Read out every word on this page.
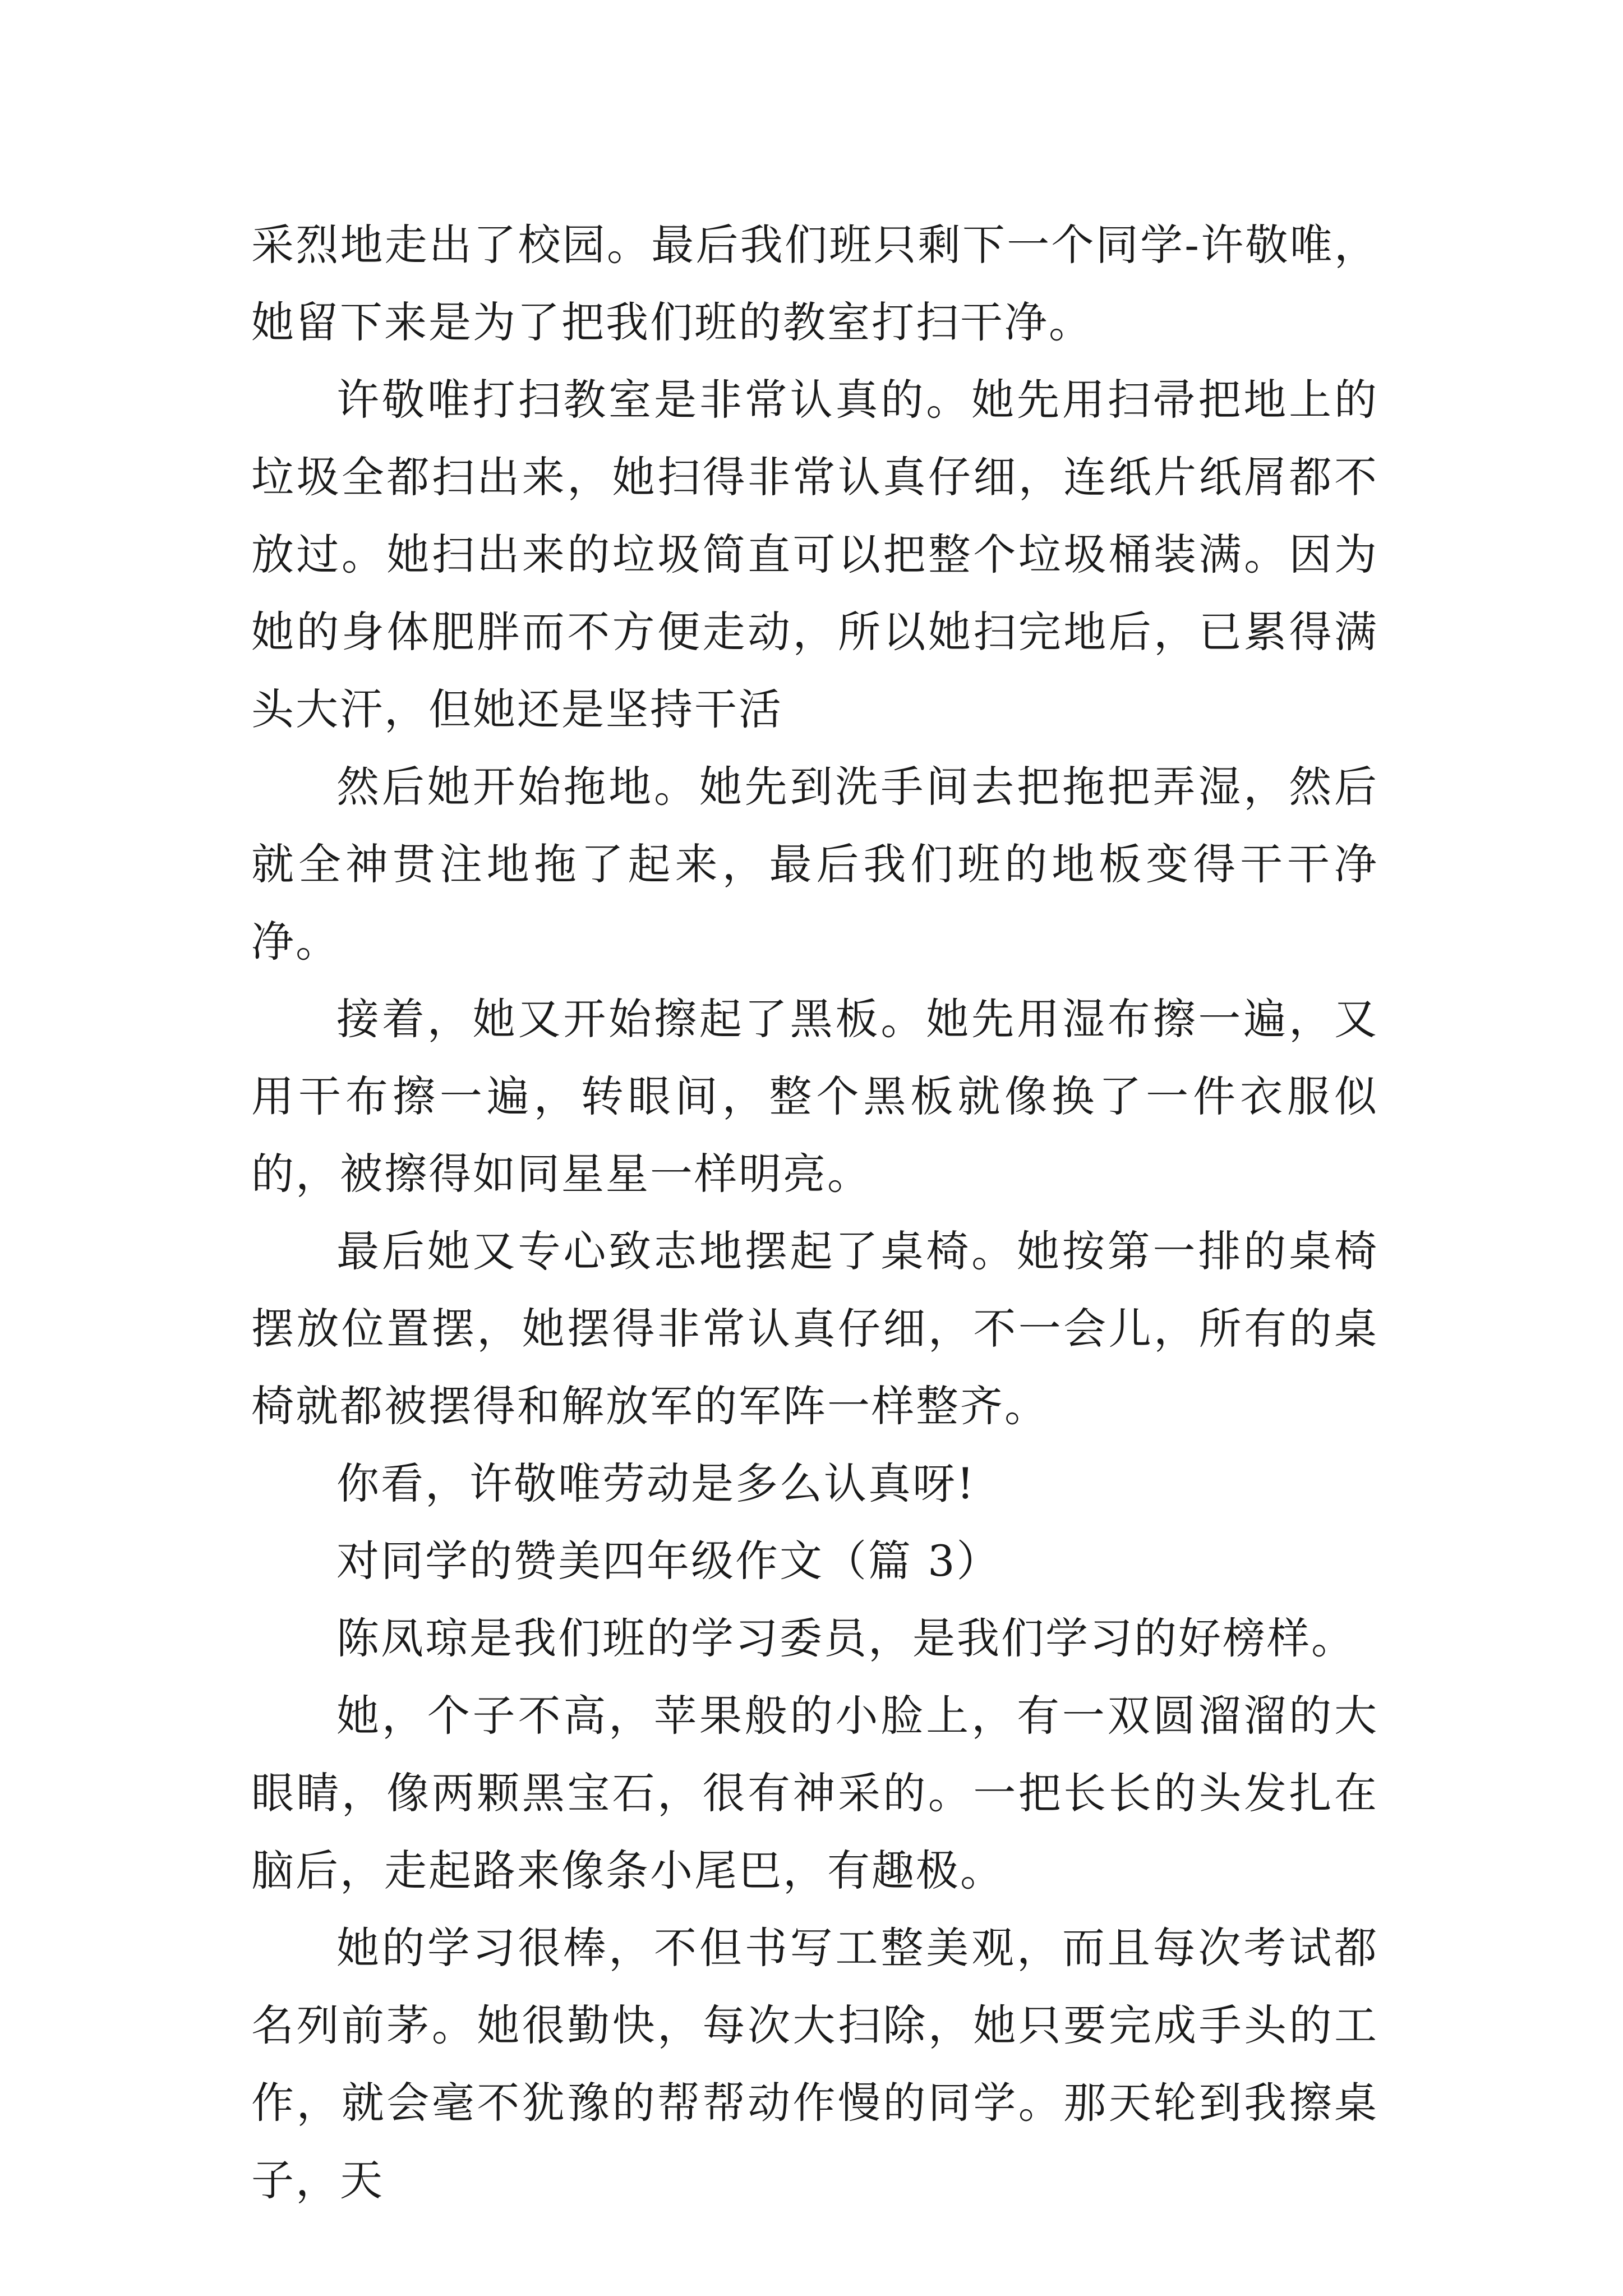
采烈地走出了校园。最后我们班只剩下一个同学-许敬唯，她留下来是为了把我们班的教室打扫干净。

许敬唯打扫教室是非常认真的。她先用扫帚把地上的垃圾全都扫出来，她扫得非常认真仔细，连纸片纸屑都不放过。她扫出来的垃圾简直可以把整个垃圾桶装满。因为她的身体肥胖而不方便走动，所以她扫完地后，已累得满头大汗，但她还是坚持干活

然后她开始拖地。她先到洗手间去把拖把弄湿，然后就全神贯注地拖了起来，最后我们班的地板变得干干净净。

接着，她又开始擦起了黑板。她先用湿布擦一遍，又用干布擦一遍，转眼间，整个黑板就像换了一件衣服似的，被擦得如同星星一样明亮。

最后她又专心致志地摆起了桌椅。她按第一排的桌椅摆放位置摆，她摆得非常认真仔细，不一会儿，所有的桌椅就都被摆得和解放军的军阵一样整齐。

你看，许敬唯劳动是多么认真呀!

对同学的赞美四年级作文（篇 3）

陈凤琼是我们班的学习委员，是我们学习的好榜样。

她，个子不高，苹果般的小脸上，有一双圆溜溜的大眼睛，像两颗黑宝石，很有神采的。一把长长的头发扎在脑后，走起路来像条小尾巴，有趣极。

她的学习很棒，不但书写工整美观，而且每次考试都名列前茅。她很勤快，每次大扫除，她只要完成手头的工作，就会毫不犹豫的帮帮动作慢的同学。那天轮到我擦桌子，天
